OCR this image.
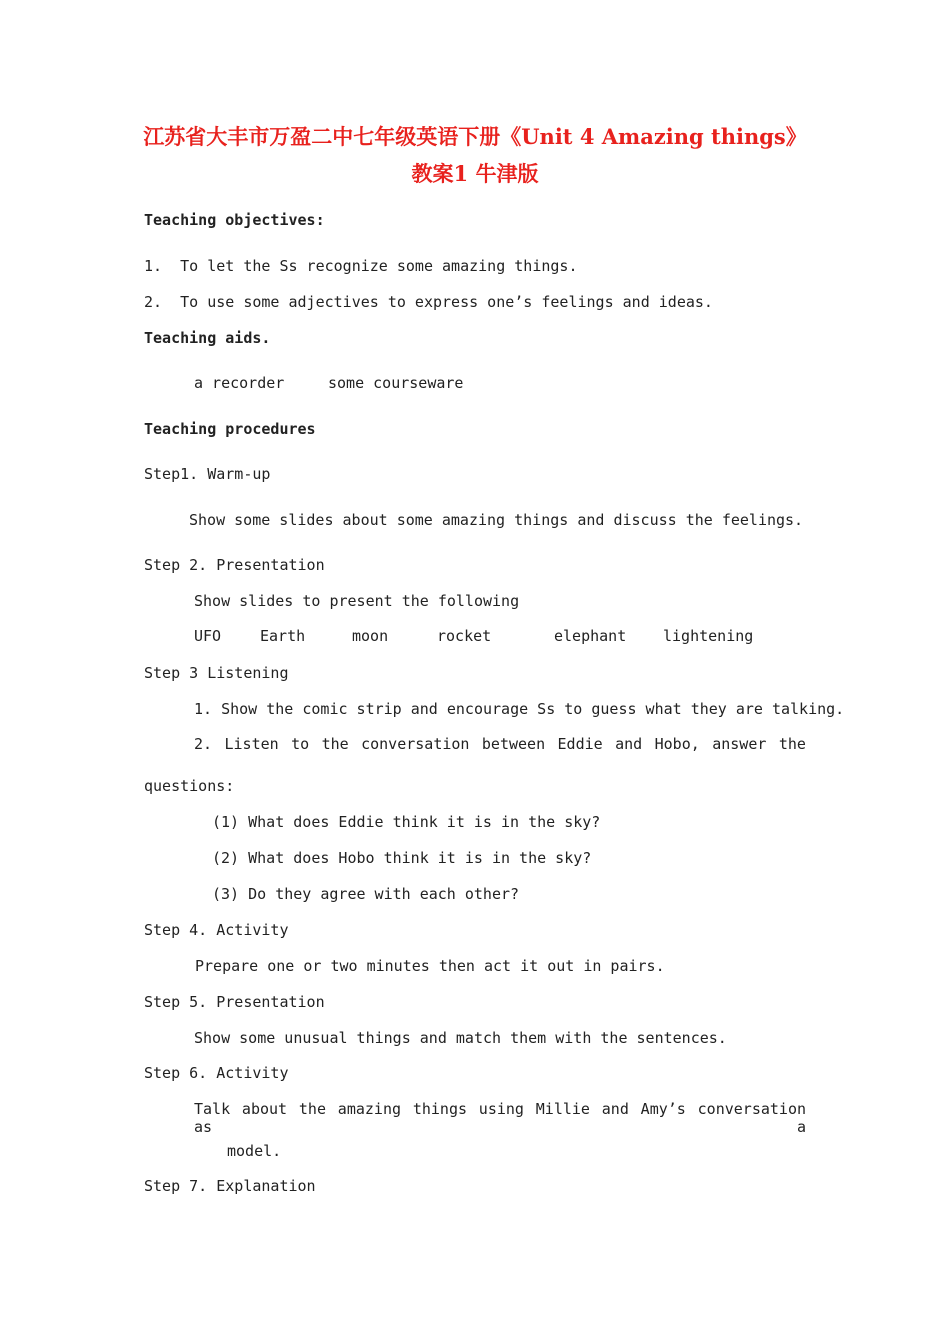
江苏省大丰市万盈二中七年级英语下册《Unit 4 Amazing things》
教案1 牛津版
Teaching objectives:
1.  To let the Ss recognize some amazing things.
2.  To use some adjectives to express one’s feelings and ideas.
Teaching aids.
a recorder	some courseware
Teaching procedures
Step1. Warm-up
Show some slides about some amazing things and discuss the feelings.
Step 2. Presentation
Show slides to present the following
UFO	Earth	moon	rocket	elephant lightening
Step 3 Listening
1. Show the comic strip and encourage Ss to guess what they are talking.
2. Listen to the conversation between Eddie and Hobo, answer the
questions:
(1) What does Eddie think it is in the sky?
(2) What does Hobo think it is in the sky?
(3) Do they agree with each other?
Step 4. Activity
Prepare one or two minutes then act it out in pairs.
Step 5. Presentation
Show some unusual things and match them with the sentences.
Step 6. Activity
Talk about the amazing things using Millie and Amy’s conversation as a
model.
Step 7. Explanation
